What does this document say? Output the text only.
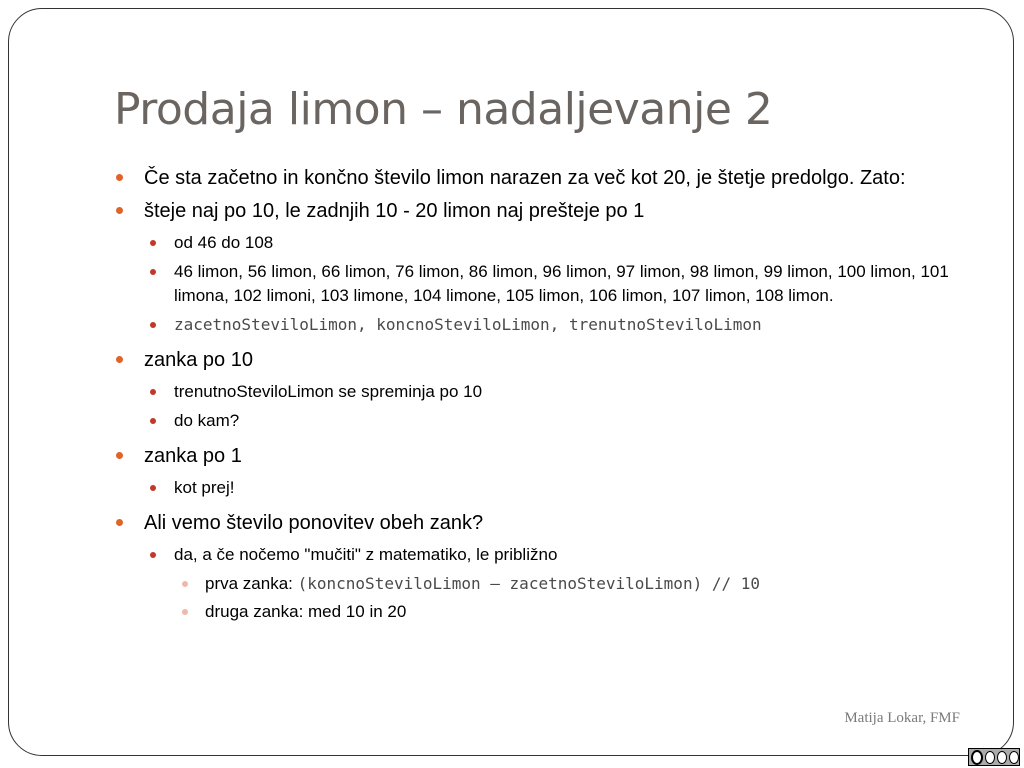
Prodaja limon – nadaljevanje 2
Če sta začetno in končno število limon narazen za več kot 20, je štetje predolgo. Zato:
šteje naj po 10, le zadnjih 10 - 20 limon naj prešteje po 1
od 46 do 108
46 limon, 56 limon, 66 limon, 76 limon, 86 limon, 96 limon, 97 limon, 98 limon, 99 limon, 100 limon, 101 limona, 102 limoni, 103 limone, 104 limone, 105 limon, 106 limon, 107 limon, 108 limon.
zacetnoSteviloLimon, koncnoSteviloLimon, trenutnoSteviloLimon
zanka po 10
trenutnoSteviloLimon se spreminja po 10
do kam?
zanka po 1
kot prej!
Ali vemo število ponovitev obeh zank?
da, a če nočemo "mučiti" z matematiko, le približno
prva zanka: (koncnoSteviloLimon – zacetnoSteviloLimon) // 10
druga zanka: med 10 in 20
Matija Lokar, FMF
